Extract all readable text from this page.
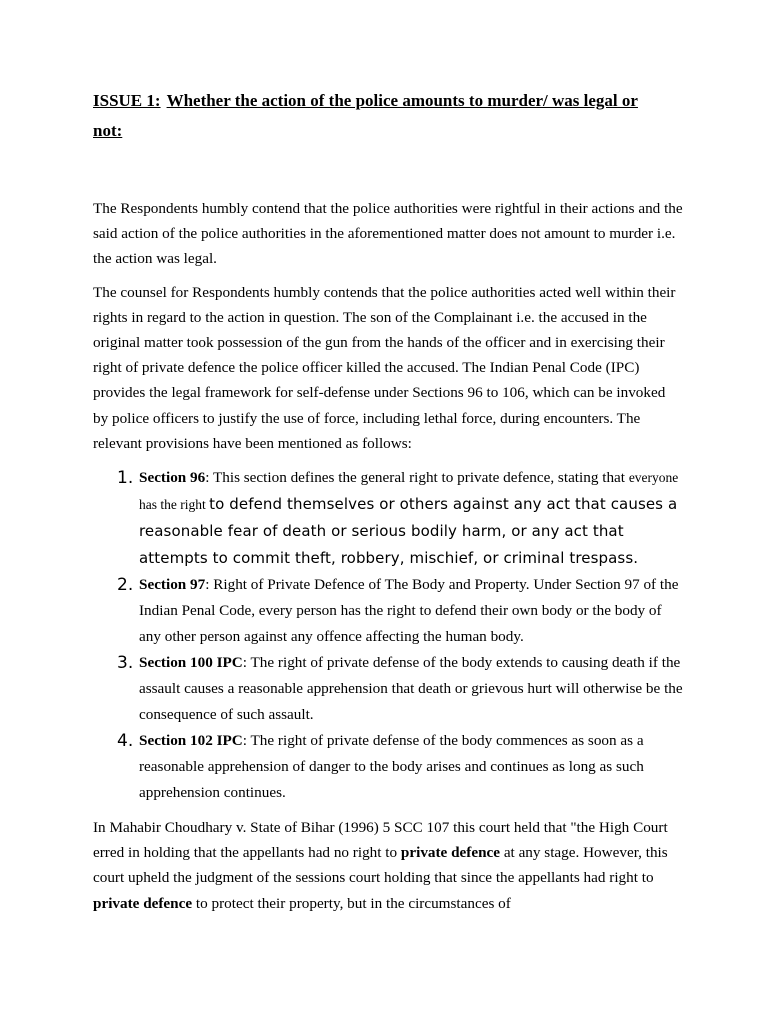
ISSUE 1: Whether the action of the police amounts to murder/ was legal or
not:

The Respondents humbly contend that the police authorities were rightful in their actions and the said action of the police authorities in the aforementioned matter does not amount to murder i.e. the action was legal.

The counsel for Respondents humbly contends that the police authorities acted well within their rights in regard to the action in question. The son of the Complainant i.e. the accused in the original matter took possession of the gun from the hands of the officer and in exercising their right of private defence the police officer killed the accused. The Indian Penal Code (IPC) provides the legal framework for self-defense under Sections 96 to 106, which can be invoked by police officers to justify the use of force, including lethal force, during encounters. The relevant provisions have been mentioned as follows:

1. Section 96: This section defines the general right to private defence, stating that everyone has the right to defend themselves or others against any act that causes a reasonable fear of death or serious bodily harm, or any act that attempts to commit theft, robbery, mischief, or criminal trespass.
2. Section 97: Right of Private Defence of The Body and Property. Under Section 97 of the Indian Penal Code, every person has the right to defend their own body or the body of any other person against any offence affecting the human body.
3. Section 100 IPC: The right of private defense of the body extends to causing death if the assault causes a reasonable apprehension that death or grievous hurt will otherwise be the consequence of such assault.
4. Section 102 IPC: The right of private defense of the body commences as soon as a reasonable apprehension of danger to the body arises and continues as long as such apprehension continues.

In Mahabir Choudhary v. State of Bihar (1996) 5 SCC 107 this court held that "the High Court erred in holding that the appellants had no right to private defence at any stage. However, this court upheld the judgment of the sessions court holding that since the appellants had right to private defence to protect their property, but in the circumstances of
